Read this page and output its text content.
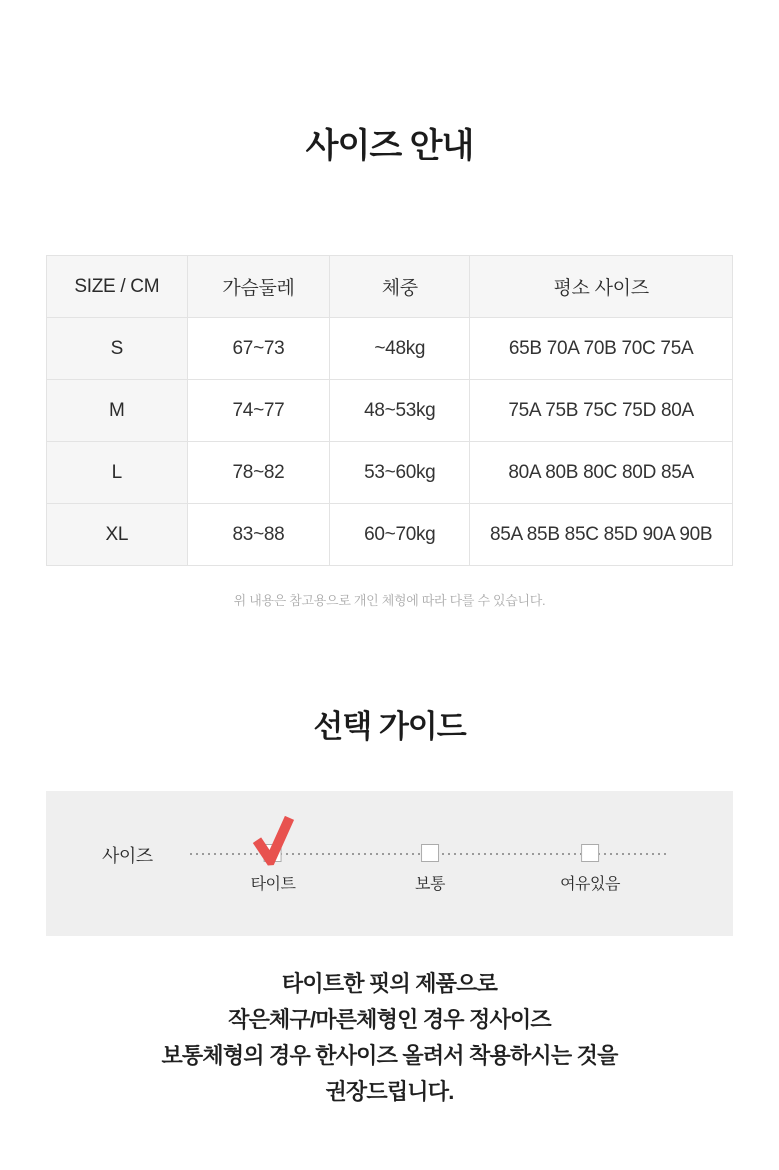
사이즈 안내
SIZE / CM	가슴둘레	체중	평소 사이즈
S	67~73	~48kg	65B 70A 70B 70C 75A
M	74~77	48~53kg	75A 75B 75C 75D 80A
L	78~82	53~60kg	80A 80B 80C 80D 85A
XL	83~88	60~70kg	85A 85B 85C 85D 90A 90B

위 내용은 참고용으로 개인 체형에 따라 다를 수 있습니다.

선택 가이드
사이즈
타이트	보통	여유있음
타이트한 핏의 제품으로
작은체구/마른체형인 경우 정사이즈
보통체형의 경우 한사이즈 올려서 착용하시는 것을
권장드립니다.
